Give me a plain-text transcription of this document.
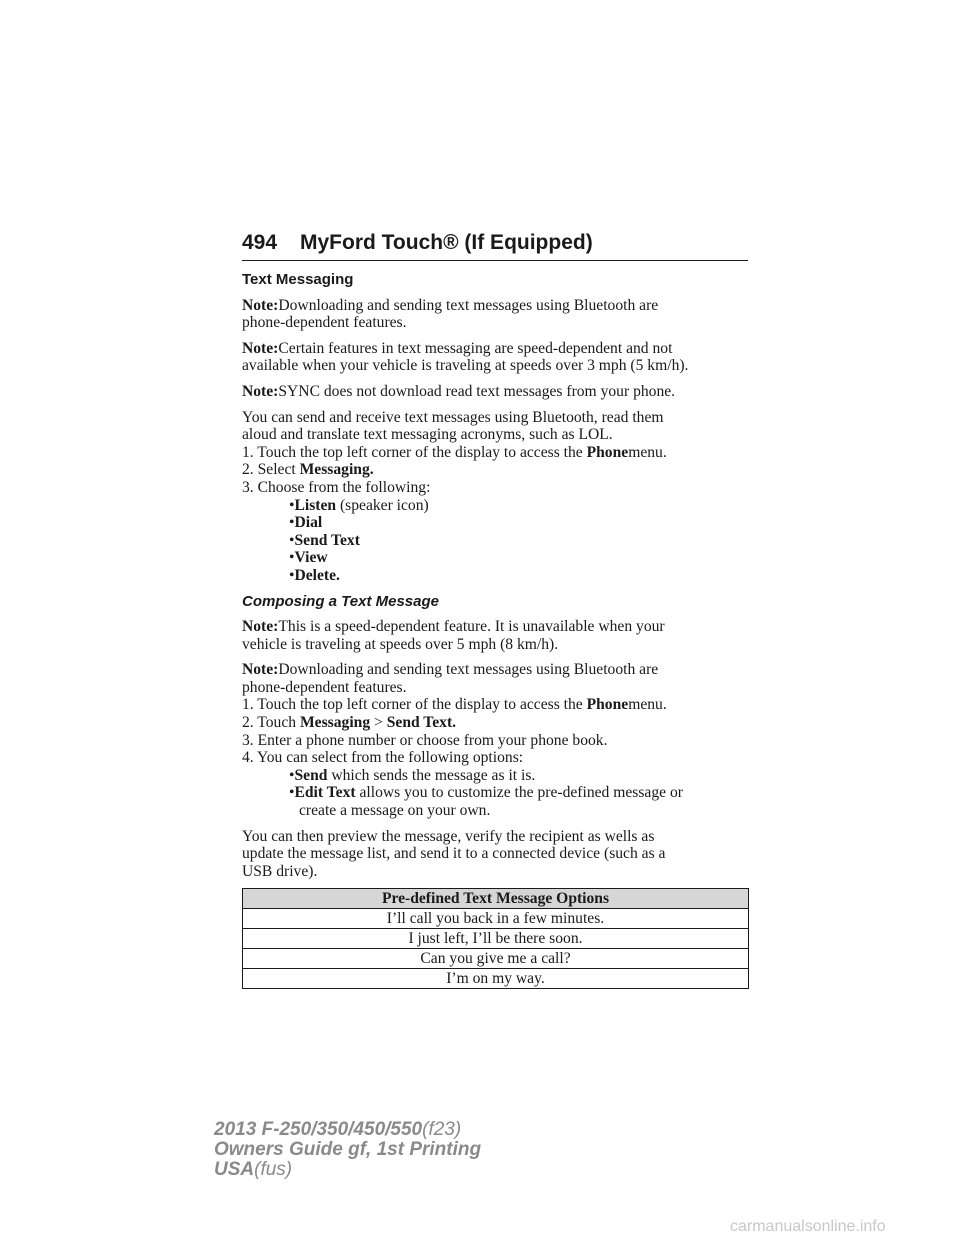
494 MyFord Touch® (If Equipped)
Text Messaging

Note:Downloading and sending text messages using Bluetooth are
phone-dependent features.

Note:Certain features in text messaging are speed-dependent and not
available when your vehicle is traveling at speeds over 3 mph (5 km/h).

Note:SYNC does not download read text messages from your phone.

You can send and receive text messages using Bluetooth, read them
aloud and translate text messaging acronyms, such as LOL.
1. Touch the top left corner of the display to access the Phonemenu.
2. Select Messaging.
3. Choose from the following:
•Listen (speaker icon)
•Dial
•Send Text
•View
•Delete.
Composing a Text Message

Note:This is a speed-dependent feature. It is unavailable when your
vehicle is traveling at speeds over 5 mph (8 km/h).

Note:Downloading and sending text messages using Bluetooth are
phone-dependent features.
1. Touch the top left corner of the display to access the Phonemenu.
2. Touch Messaging > Send Text.
3. Enter a phone number or choose from your phone book.
4. You can select from the following options:
•Send which sends the message as it is.
•Edit Text allows you to customize the pre-defined message or
create a message on your own.

You can then preview the message, verify the recipient as wells as
update the message list, and send it to a connected device (such as a
USB drive).

Pre-defined Text Message Options
I’ll call you back in a few minutes.
I just left, I’ll be there soon.
Can you give me a call?
I’m on my way.
2013 F-250/350/450/550(f23)
Owners Guide gf, 1st Printing
USA(fus)
carmanualsonline.info
